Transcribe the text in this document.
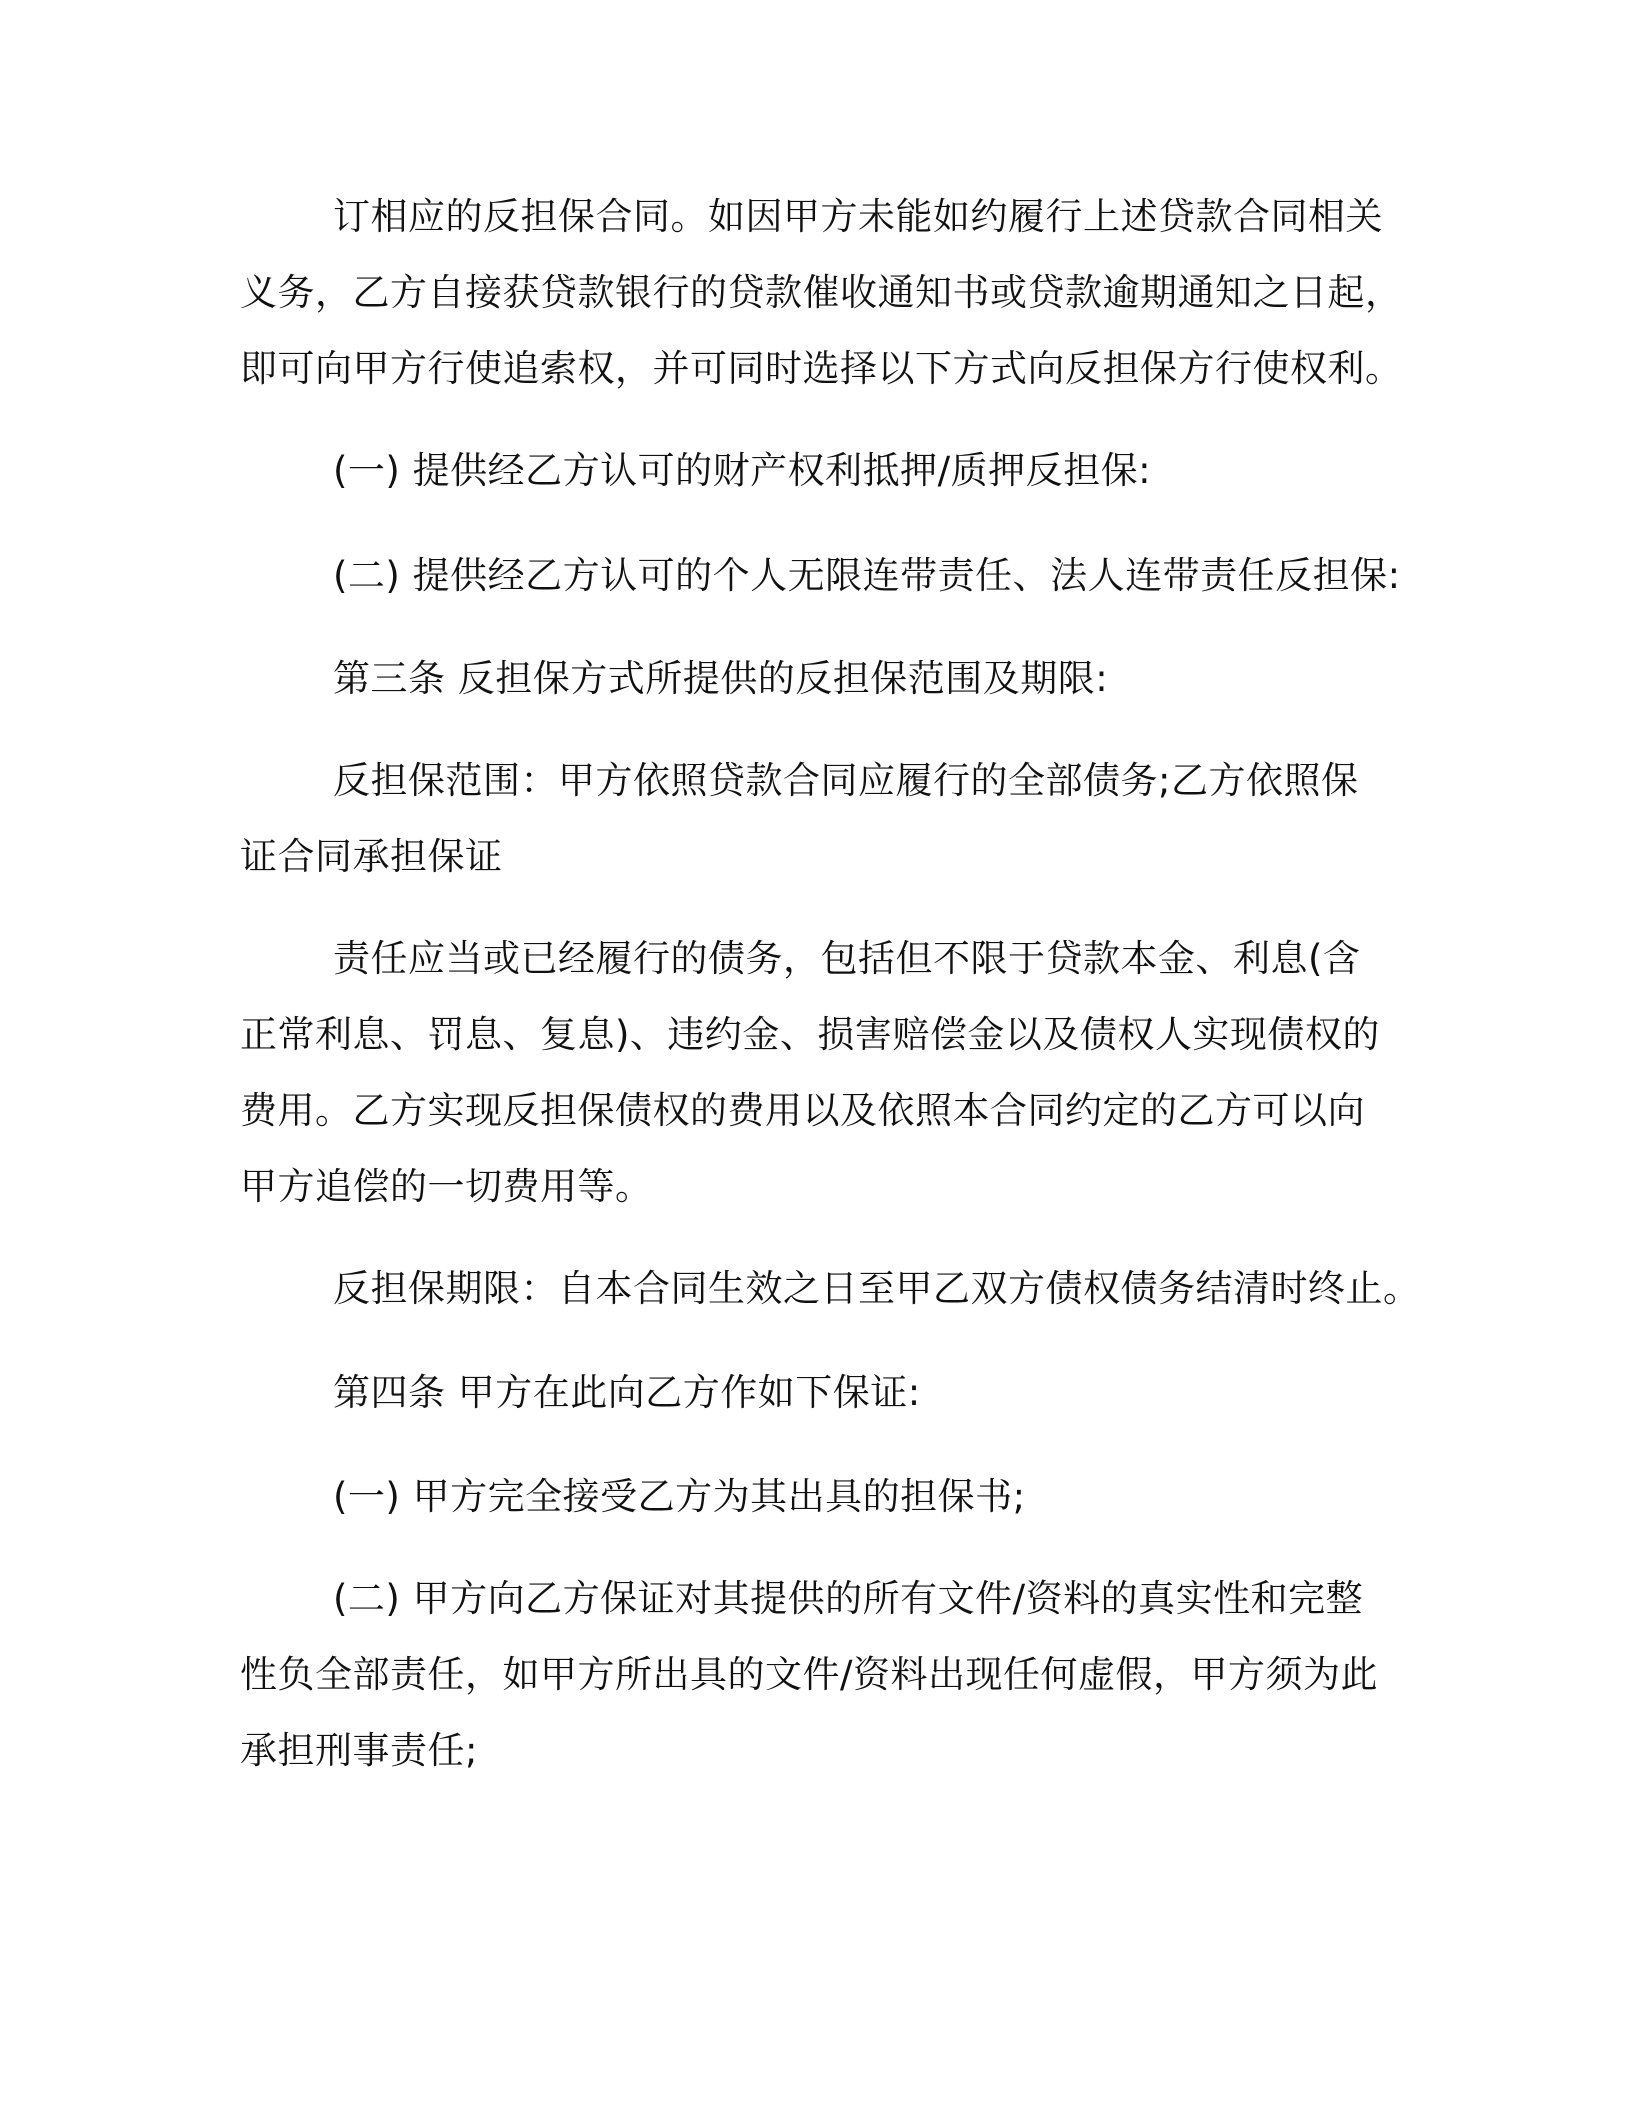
订相应的反担保合同。如因甲方未能如约履行上述贷款合同相关
义务，乙方自接获贷款银行的贷款催收通知书或贷款逾期通知之日起，
即可向甲方行使追索权，并可同时选择以下方式向反担保方行使权利。
(一) 提供经乙方认可的财产权利抵押/质押反担保:
(二) 提供经乙方认可的个人无限连带责任、法人连带责任反担保:
第三条 反担保方式所提供的反担保范围及期限:
反担保范围：甲方依照贷款合同应履行的全部债务;乙方依照保
证合同承担保证
责任应当或已经履行的债务，包括但不限于贷款本金、利息(含
正常利息、罚息、复息)、违约金、损害赔偿金以及债权人实现债权的
费用。乙方实现反担保债权的费用以及依照本合同约定的乙方可以向
甲方追偿的一切费用等。
反担保期限：自本合同生效之日至甲乙双方债权债务结清时终止。
第四条 甲方在此向乙方作如下保证:
(一) 甲方完全接受乙方为其出具的担保书;
(二) 甲方向乙方保证对其提供的所有文件/资料的真实性和完整
性负全部责任，如甲方所出具的文件/资料出现任何虚假，甲方须为此
承担刑事责任;
